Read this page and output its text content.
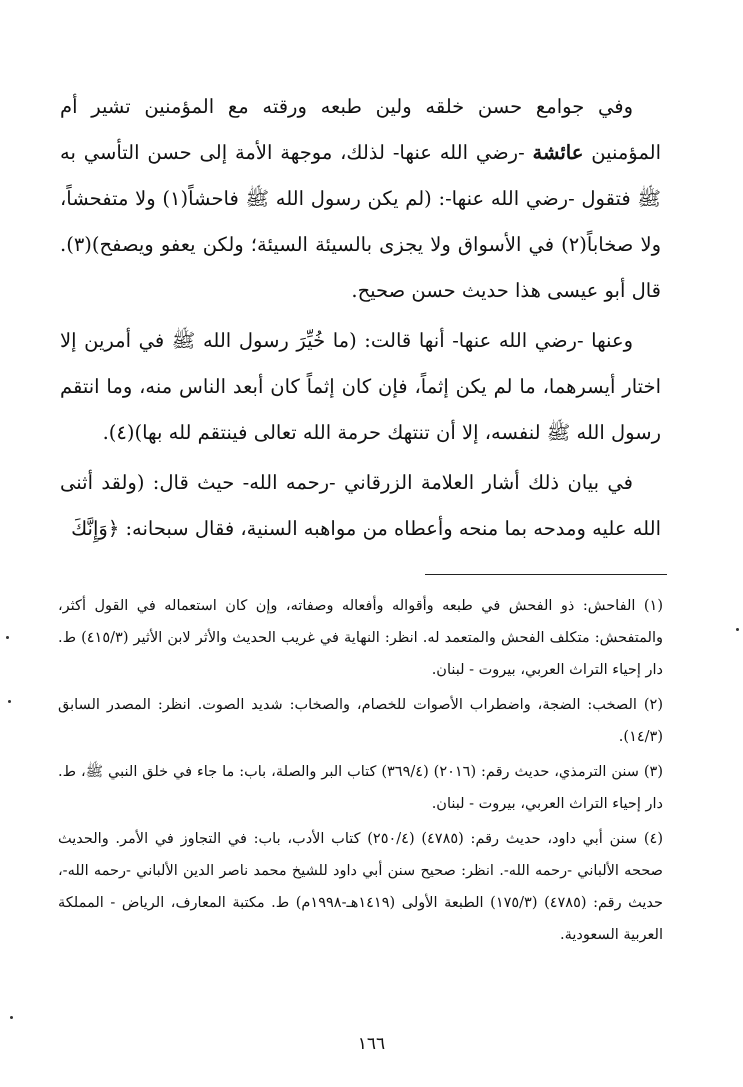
وفي جوامع حسن خلقه ولين طبعه ورقته مع المؤمنين تشير أم المؤمنين عائشة -رضي الله عنها- لذلك، موجهة الأمة إلى حسن التأسي به ﷺ فتقول -رضي الله عنها-: (لم يكن رسول الله ﷺ فاحشاً(١) ولا متفحشاً، ولا صخاباً(٢) في الأسواق ولا يجزى بالسيئة السيئة؛ ولكن يعفو ويصفح)(٣). قال أبو عيسى هذا حديث حسن صحيح.

وعنها -رضي الله عنها- أنها قالت: (ما خُيِّرَ رسول الله ﷺ في أمرين إلا اختار أيسرهما، ما لم يكن إثماً، فإن كان إثماً كان أبعد الناس منه، وما انتقم رسول الله ﷺ لنفسه، إلا أن تنتهك حرمة الله تعالى فينتقم لله بها)(٤).

في بيان ذلك أشار العلامة الزرقاني -رحمه الله- حيث قال: (ولقد أثنى الله عليه ومدحه بما منحه وأعطاه من مواهبه السنية، فقال سبحانه: ﴿وَإِنَّكَ

(١) الفاحش: ذو الفحش في طبعه وأقواله وأفعاله وصفاته، وإن كان استعماله في القول أكثر، والمتفحش: متكلف الفحش والمتعمد له. انظر: النهاية في غريب الحديث والأثر لابن الأثير (٤١٥/٣) ط. دار إحياء التراث العربي، بيروت - لبنان.

(٢) الصخب: الضجة، واضطراب الأصوات للخصام، والصخاب: شديد الصوت. انظر: المصدر السابق (١٤/٣).

(٣) سنن الترمذي، حديث رقم: (٢٠١٦) (٣٦٩/٤) كتاب البر والصلة، باب: ما جاء في خلق النبي ﷺ، ط. دار إحياء التراث العربي، بيروت - لبنان.

(٤) سنن أبي داود، حديث رقم: (٤٧٨٥) (٢٥٠/٤) كتاب الأدب، باب: في التجاوز في الأمر. والحديث صححه الألباني -رحمه الله-. انظر: صحيح سنن أبي داود للشيخ محمد ناصر الدين الألباني -رحمه الله-، حديث رقم: (٤٧٨٥) (١٧٥/٣) الطبعة الأولى (١٤١٩هـ-١٩٩٨م) ط. مكتبة المعارف، الرياض - المملكة العربية السعودية.

١٦٦
